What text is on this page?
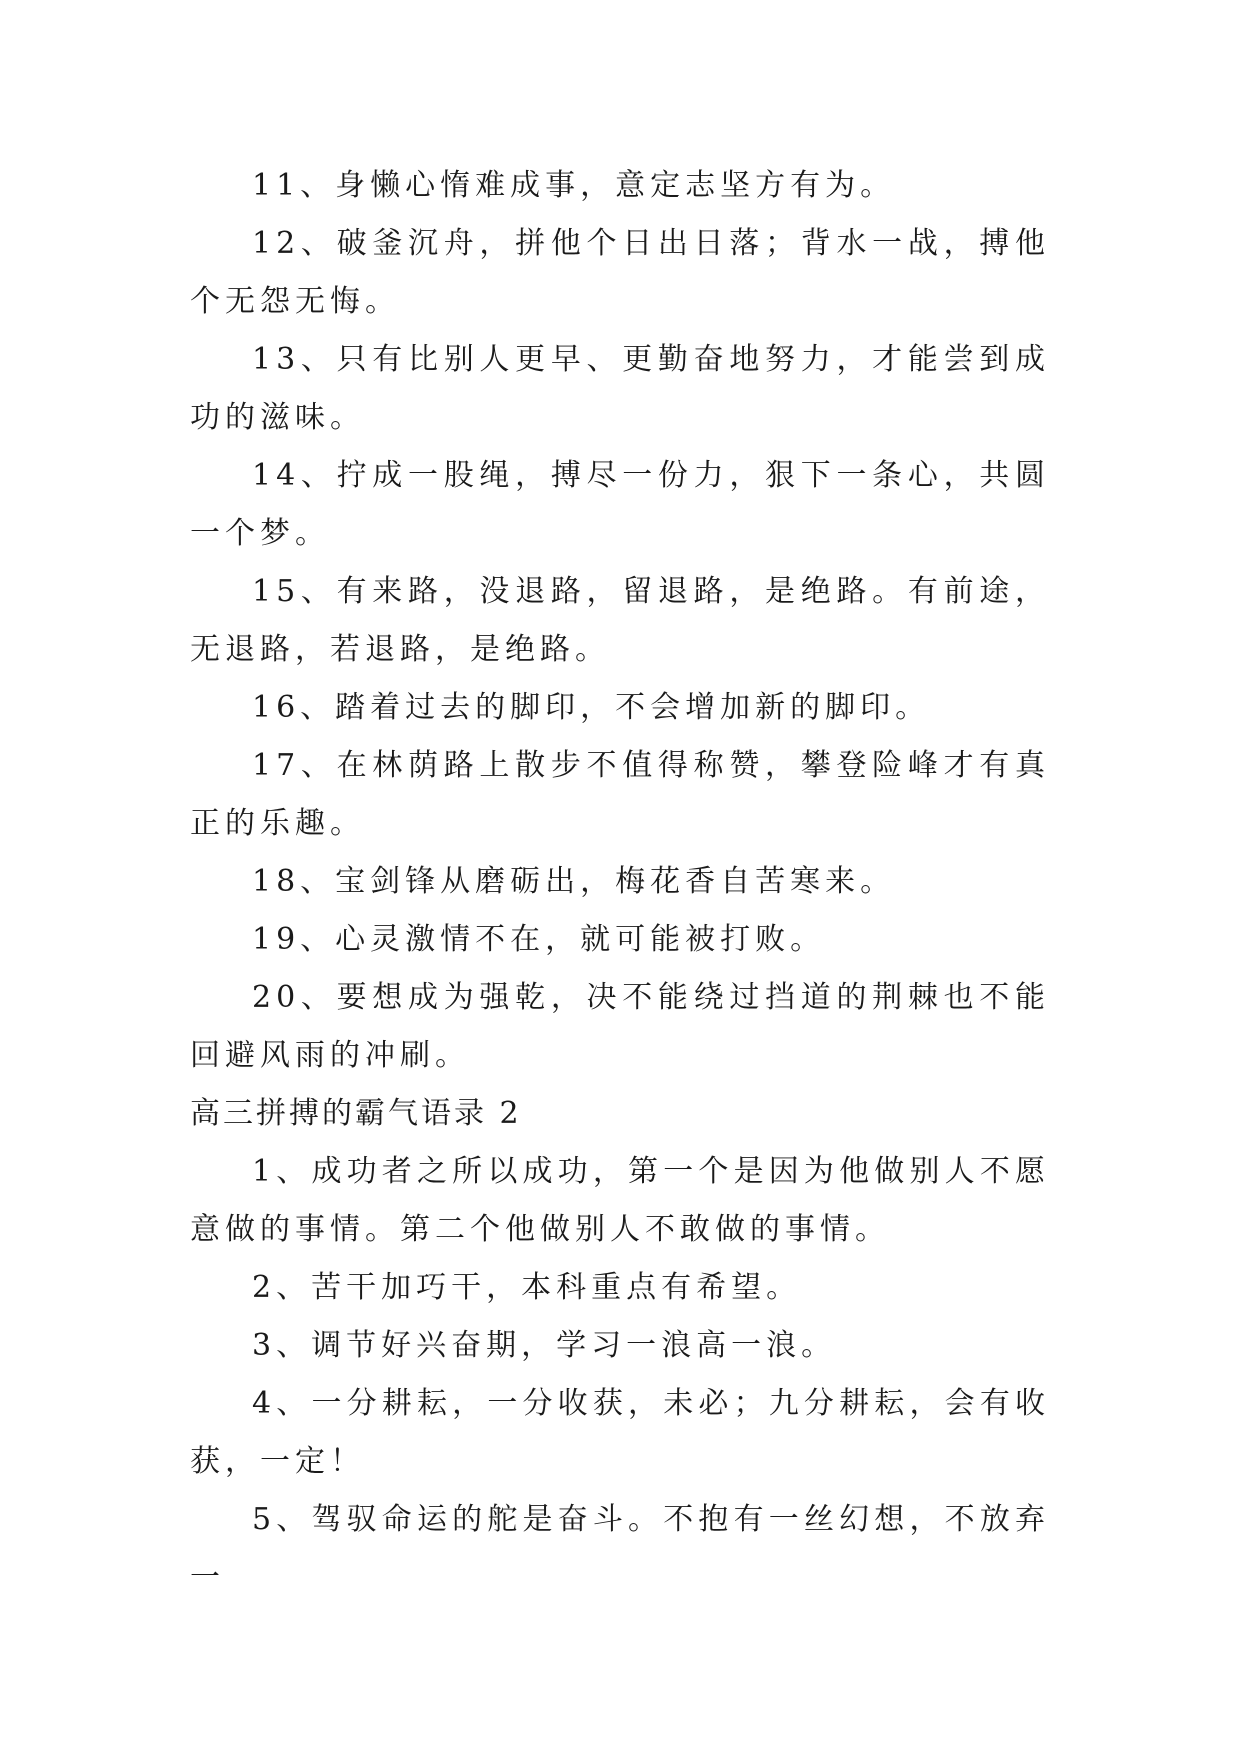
11、身懒心惰难成事，意定志坚方有为。

12、破釜沉舟，拼他个日出日落；背水一战，搏他个无怨无悔。

13、只有比别人更早、更勤奋地努力，才能尝到成功的滋味。

14、拧成一股绳，搏尽一份力，狠下一条心，共圆一个梦。

15、有来路，没退路，留退路，是绝路。有前途，无退路，若退路，是绝路。

16、踏着过去的脚印，不会增加新的脚印。

17、在林荫路上散步不值得称赞，攀登险峰才有真正的乐趣。

18、宝剑锋从磨砺出，梅花香自苦寒来。

19、心灵激情不在，就可能被打败。

20、要想成为强乾，决不能绕过挡道的荆棘也不能回避风雨的冲刷。

高三拼搏的霸气语录 2

1、成功者之所以成功，第一个是因为他做别人不愿意做的事情。第二个他做别人不敢做的事情。

2、苦干加巧干，本科重点有希望。

3、调节好兴奋期，学习一浪高一浪。

4、一分耕耘，一分收获，未必；九分耕耘，会有收获，一定！

5、驾驭命运的舵是奋斗。不抱有一丝幻想，不放弃一
